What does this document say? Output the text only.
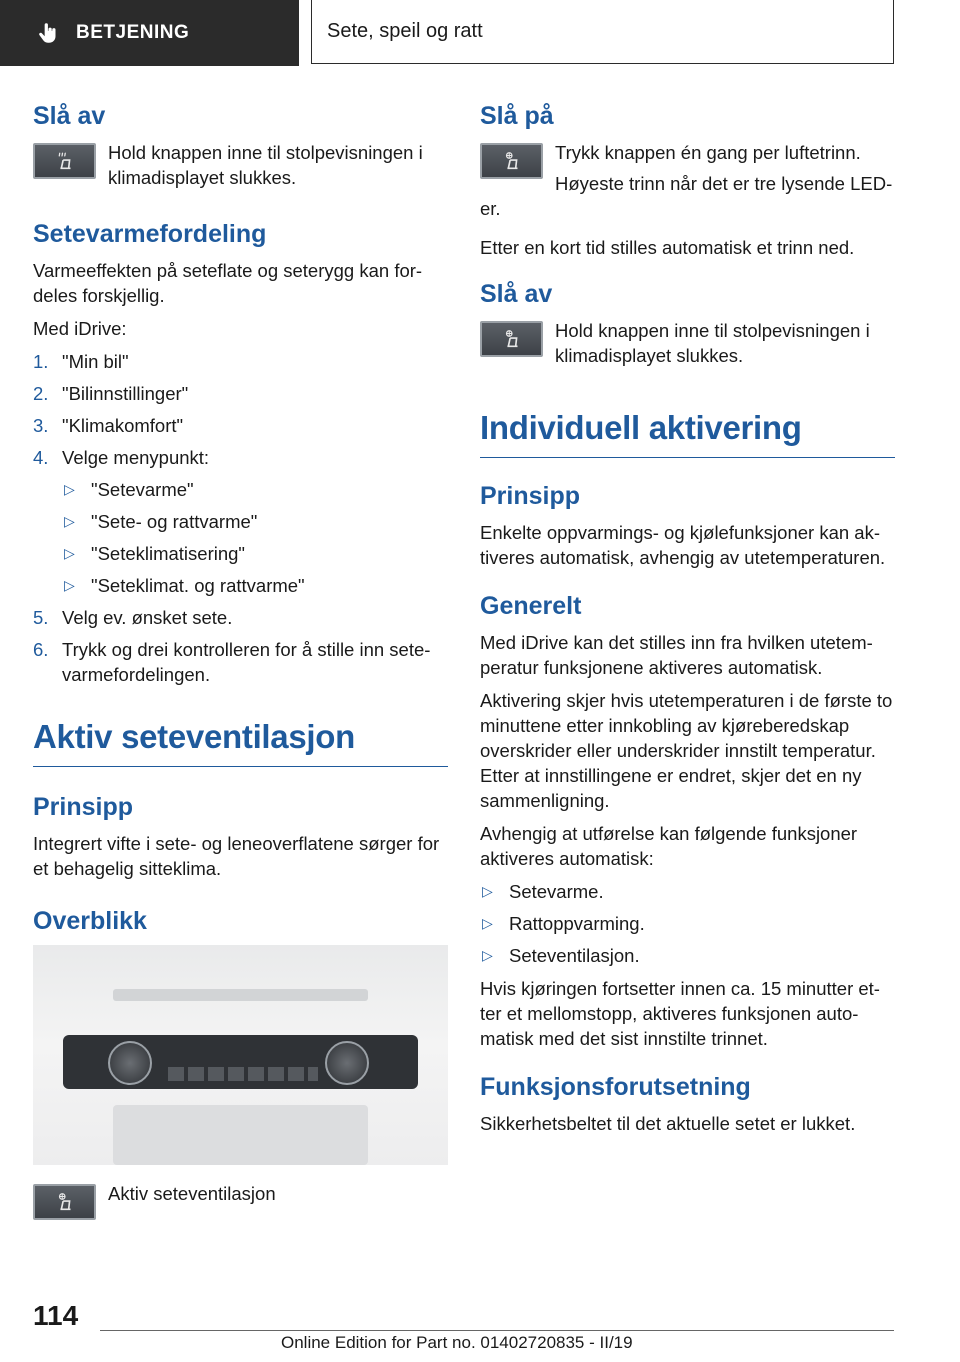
BETJENING	Sete, speil og ratt
Slå av

Hold knappen inne til stolpevisningen i klimadisplayet slukkes.

Setevarmefordeling

Varmeeffekten på seteflate og seterygg kan for-deles forskjellig.

Med iDrive:

1. "Min bil"
2. "Bilinnstillinger"
3. "Klimakomfort"
4. Velge menypunkt:
▷ "Setevarme"
▷ "Sete- og rattvarme"
▷ "Seteklimatisering"
▷ "Seteklimat. og rattvarme"
5. Velg ev. ønsket sete.
6. Trykk og drei kontrolleren for å stille inn sete-varmefordelingen.
Aktiv seteventilasjon
Prinsipp

Integrert vifte i sete- og leneoverflatene sørger for et behagelig sitteklima.

Overblikk

Aktiv seteventilasjon

Slå på

Trykk knappen én gang per luftetrinn.

Høyeste trinn når det er tre lysende LED-er.

Etter en kort tid stilles automatisk et trinn ned.

Slå av

Hold knappen inne til stolpevisningen i klimadisplayet slukkes.

Individuell aktivering
Prinsipp

Enkelte oppvarmings- og kjølefunksjoner kan ak-tiveres automatisk, avhengig av utetemperaturen.

Generelt

Med iDrive kan det stilles inn fra hvilken utetem-peratur funksjonene aktiveres automatisk.

Aktivering skjer hvis utetemperaturen i de første to minuttene etter innkobling av kjøreberedskap overskrider eller underskrider innstilt temperatur. Etter at innstillingene er endret, skjer det en ny sammenligning.

Avhengig at utførelse kan følgende funksjoner aktiveres automatisk:

▷ Setevarme.
▷ Rattoppvarming.
▷ Seteventilasjon.

Hvis kjøringen fortsetter innen ca. 15 minutter et-ter et mellomstopp, aktiveres funksjonen auto-matisk med det sist innstilte trinnet.

Funksjonsforutsetning

Sikkerhetsbeltet til det aktuelle setet er lukket.

114
Online Edition for Part no. 01402720835 - II/19
